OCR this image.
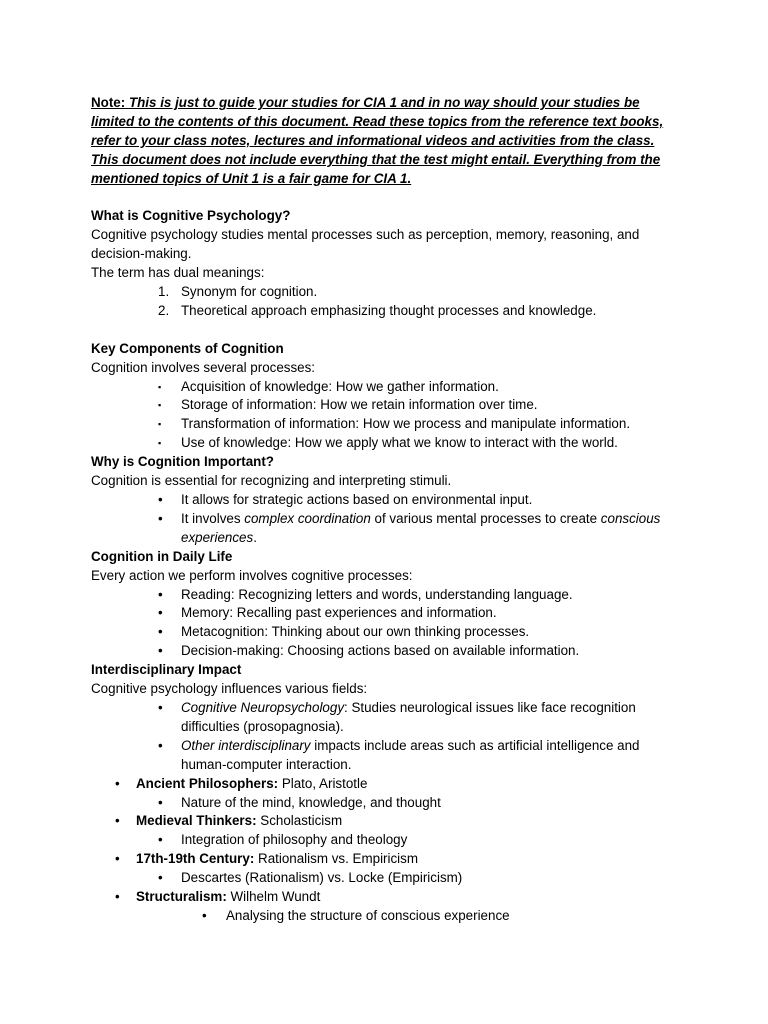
Note: This is just to guide your studies for CIA 1 and in no way should your studies be limited to the contents of this document. Read these topics from the reference text books, refer to your class notes, lectures and informational videos and activities from the class. This document does not include everything that the test might entail. Everything from the mentioned topics of Unit 1 is a fair game for CIA 1.

What is Cognitive Psychology?

Cognitive psychology studies mental processes such as perception, memory, reasoning, and decision-making.

The term has dual meanings:

1. Synonym for cognition.
2. Theoretical approach emphasizing thought processes and knowledge.

Key Components of Cognition

Cognition involves several processes:

▪ Acquisition of knowledge: How we gather information.
▪ Storage of information: How we retain information over time.
▪ Transformation of information: How we process and manipulate information.
▪ Use of knowledge: How we apply what we know to interact with the world.

Why is Cognition Important?

Cognition is essential for recognizing and interpreting stimuli.

• It allows for strategic actions based on environmental input.
• It involves complex coordination of various mental processes to create conscious experiences.

Cognition in Daily Life

Every action we perform involves cognitive processes:

• Reading: Recognizing letters and words, understanding language.
• Memory: Recalling past experiences and information.
• Metacognition: Thinking about our own thinking processes.
• Decision-making: Choosing actions based on available information.

Interdisciplinary Impact

Cognitive psychology influences various fields:

• Cognitive Neuropsychology: Studies neurological issues like face recognition difficulties (prosopagnosia).
• Other interdisciplinary impacts include areas such as artificial intelligence and human-computer interaction.
• Ancient Philosophers: Plato, Aristotle
• Nature of the mind, knowledge, and thought
• Medieval Thinkers: Scholasticism
• Integration of philosophy and theology
• 17th-19th Century: Rationalism vs. Empiricism
• Descartes (Rationalism) vs. Locke (Empiricism)
• Structuralism: Wilhelm Wundt
• Analysing the structure of conscious experience
